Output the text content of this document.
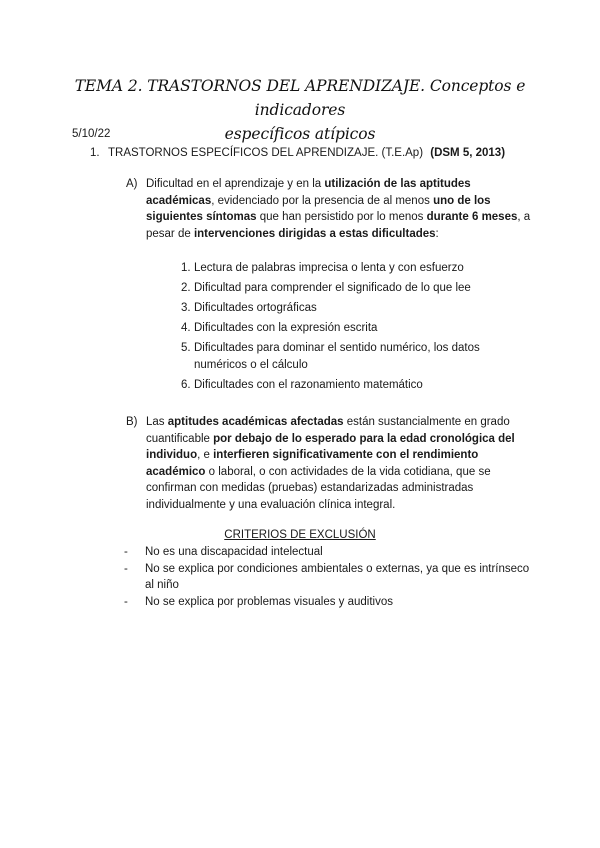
TEMA 2. TRASTORNOS DEL APRENDIZAJE. Conceptos e indicadores
específicos atípicos
5/10/22
1. TRASTORNOS ESPECÍFICOS DEL APRENDIZAJE. (T.E.Ap) (DSM 5, 2013)
A) Dificultad en el aprendizaje y en la utilización de las aptitudes académicas, evidenciado por la presencia de al menos uno de los siguientes síntomas que han persistido por lo menos durante 6 meses, a pesar de intervenciones dirigidas a estas dificultades:
1. Lectura de palabras imprecisa o lenta y con esfuerzo
2. Dificultad para comprender el significado de lo que lee
3. Dificultades ortográficas
4. Dificultades con la expresión escrita
5. Dificultades para dominar el sentido numérico, los datos numéricos o el cálculo
6. Dificultades con el razonamiento matemático
B) Las aptitudes académicas afectadas están sustancialmente en grado cuantificable por debajo de lo esperado para la edad cronológica del individuo, e interfieren significativamente con el rendimiento académico o laboral, o con actividades de la vida cotidiana, que se confirman con medidas (pruebas) estandarizadas administradas individualmente y una evaluación clínica integral.
CRITERIOS DE EXCLUSIÓN
- No es una discapacidad intelectual
- No se explica por condiciones ambientales o externas, ya que es intrínseco al niño
- No se explica por problemas visuales y auditivos
